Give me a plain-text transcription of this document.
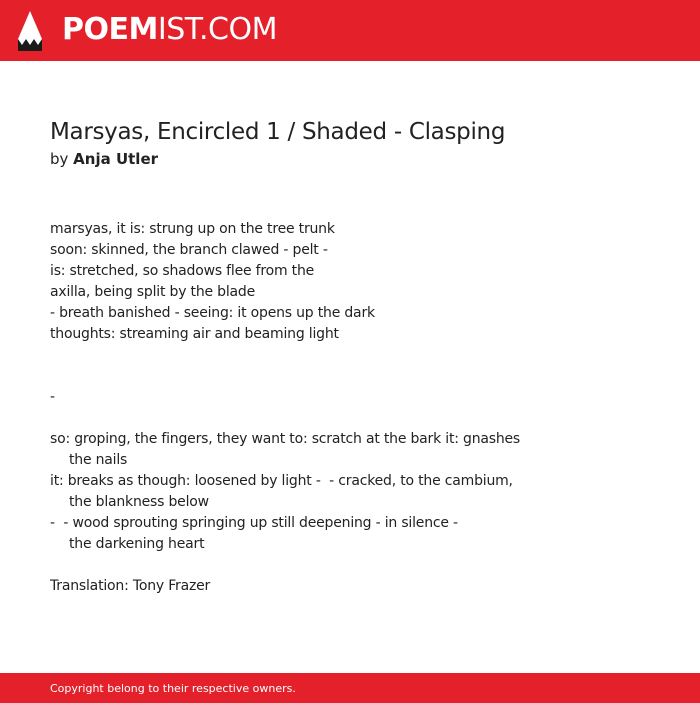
POEMIST.COM
Marsyas, Encircled 1 / Shaded - Clasping
by Anja Utler
marsyas, it is: strung up on the tree trunk
soon: skinned, the branch clawed - pelt -
is: stretched, so shadows flee from the
axilla, being split by the blade
- breath banished - seeing: it opens up the dark
thoughts: streaming air and beaming light
-
so: groping, the fingers, they want to: scratch at the bark it: gnashes
the nails
it: breaks as though: loosened by light -  - cracked, to the cambium,
the blankness below
-  - wood sprouting springing up still deepening - in silence -
the darkening heart
Translation: Tony Frazer
Copyright belong to their respective owners.
